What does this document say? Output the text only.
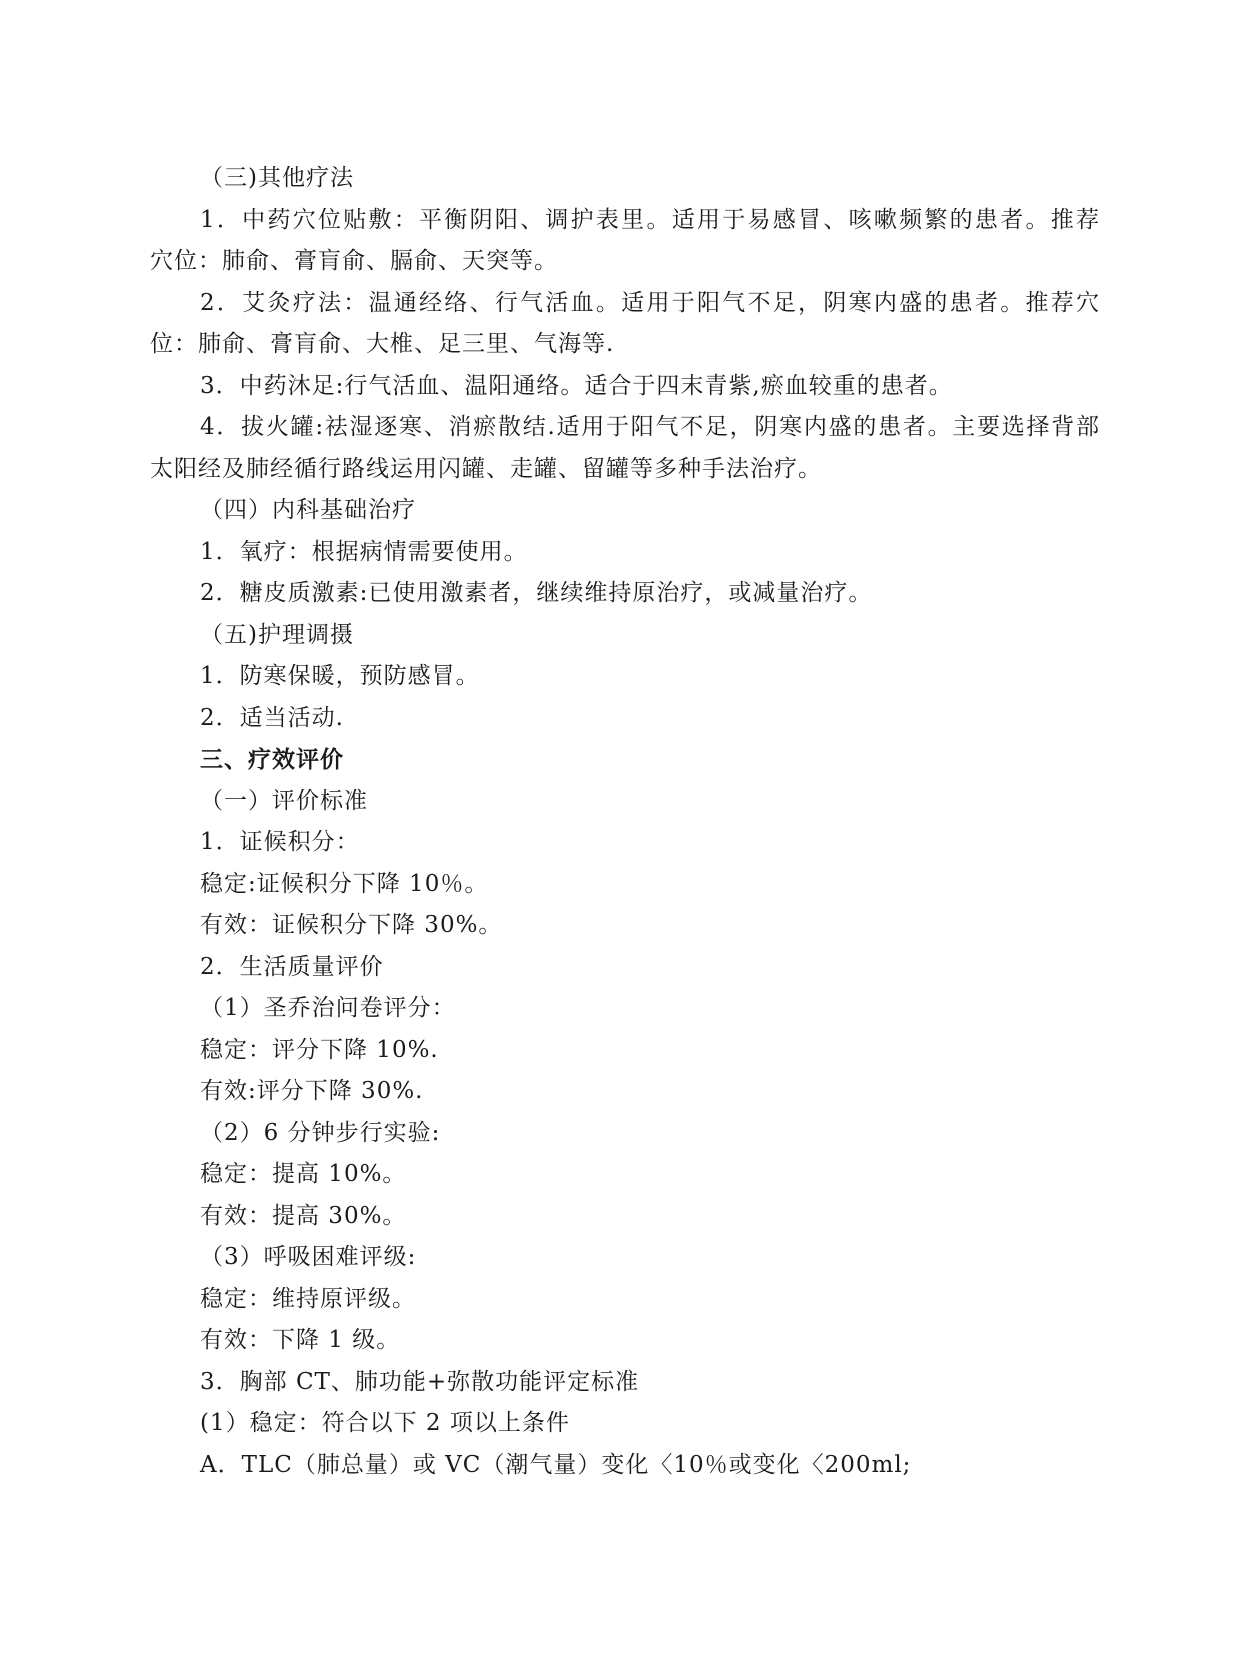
（三)其他疗法
1．中药穴位贴敷：平衡阴阳、调护表里。适用于易感冒、咳嗽频繁的患者。推荐
穴位：肺俞、膏肓俞、膈俞、天突等。
2．艾灸疗法：温通经络、行气活血。适用于阳气不足，阴寒内盛的患者。推荐穴
位：肺俞、膏肓俞、大椎、足三里、气海等.
3．中药沐足:行气活血、温阳通络。适合于四末青紫,瘀血较重的患者。
4．拔火罐:祛湿逐寒、消瘀散结.适用于阳气不足，阴寒内盛的患者。主要选择背部
太阳经及肺经循行路线运用闪罐、走罐、留罐等多种手法治疗。
（四）内科基础治疗
1．氧疗：根据病情需要使用。
2．糖皮质激素:已使用激素者，继续维持原治疗，或减量治疗。
（五)护理调摄
1．防寒保暖，预防感冒。
2．适当活动.
三、疗效评价
（一）评价标准
1．证候积分：
稳定:证候积分下降 10％。
有效：证候积分下降 30%。
2．生活质量评价
（1）圣乔治问卷评分：
稳定：评分下降 10%.
有效:评分下降 30%.
（2）6 分钟步行实验:
稳定：提高 10%。
有效：提高 30%。
（3）呼吸困难评级:
稳定：维持原评级。
有效：下降 1 级。
3．胸部 CT、肺功能+弥散功能评定标准
(1）稳定：符合以下 2 项以上条件
A．TLC（肺总量）或 VC（潮气量）变化〈10％或变化〈200ml;
